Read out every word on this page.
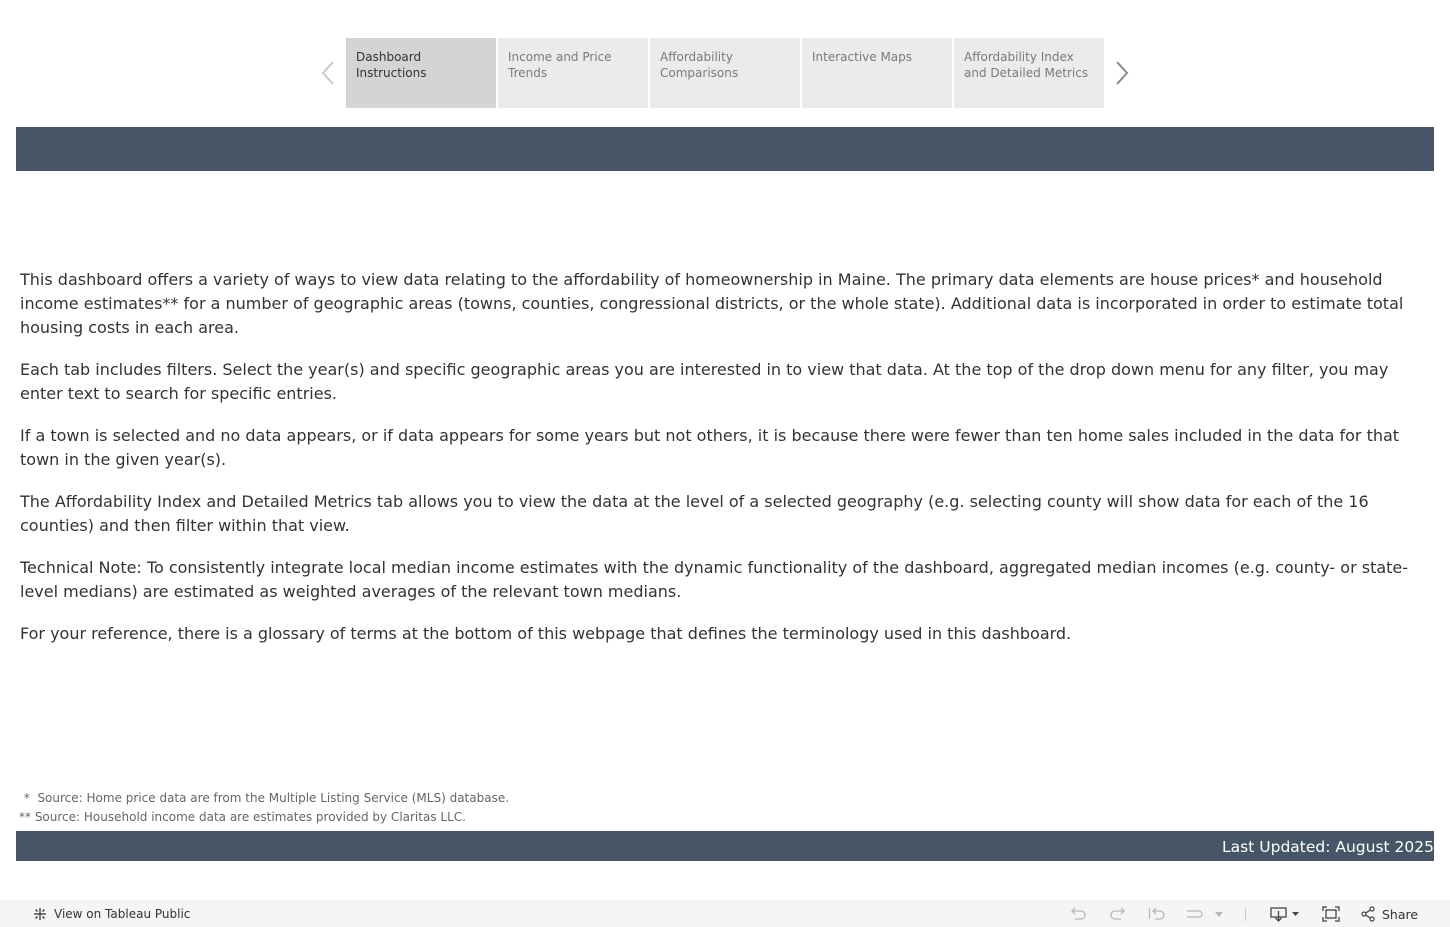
Dashboard Instructions
Income and Price Trends
Affordability Comparisons
Interactive Maps	Affordability Index and Detailed Metrics

This dashboard offers a variety of ways to view data relating to the affordability of homeownership in Maine. The primary data elements are house prices* and household income estimates** for a number of geographic areas (towns, counties, congressional districts, or the whole state). Additional data is incorporated in order to estimate total housing costs in each area.

Each tab includes filters. Select the year(s) and specific geographic areas you are interested in to view that data. At the top of the drop down menu for any filter, you may enter text to search for specific entries.

If a town is selected and no data appears, or if data appears for some years but not others, it is because there were fewer than ten home sales included in the data for that town in the given year(s).

The Affordability Index and Detailed Metrics tab allows you to view the data at the level of a selected geography (e.g. selecting county will show data for each of the 16 counties) and then filter within that view.

Technical Note: To consistently integrate local median income estimates with the dynamic functionality of the dashboard, aggregated median incomes (e.g. county- or state-level medians) are estimated as weighted averages of the relevant town medians.

For your reference, there is a glossary of terms at the bottom of this webpage that defines the terminology used in this dashboard.

*  Source: Home price data are from the Multiple Listing Service (MLS) database.
** Source: Household income data are estimates provided by Claritas LLC.
Last Updated: August 2025
View on Tableau Public	Share
